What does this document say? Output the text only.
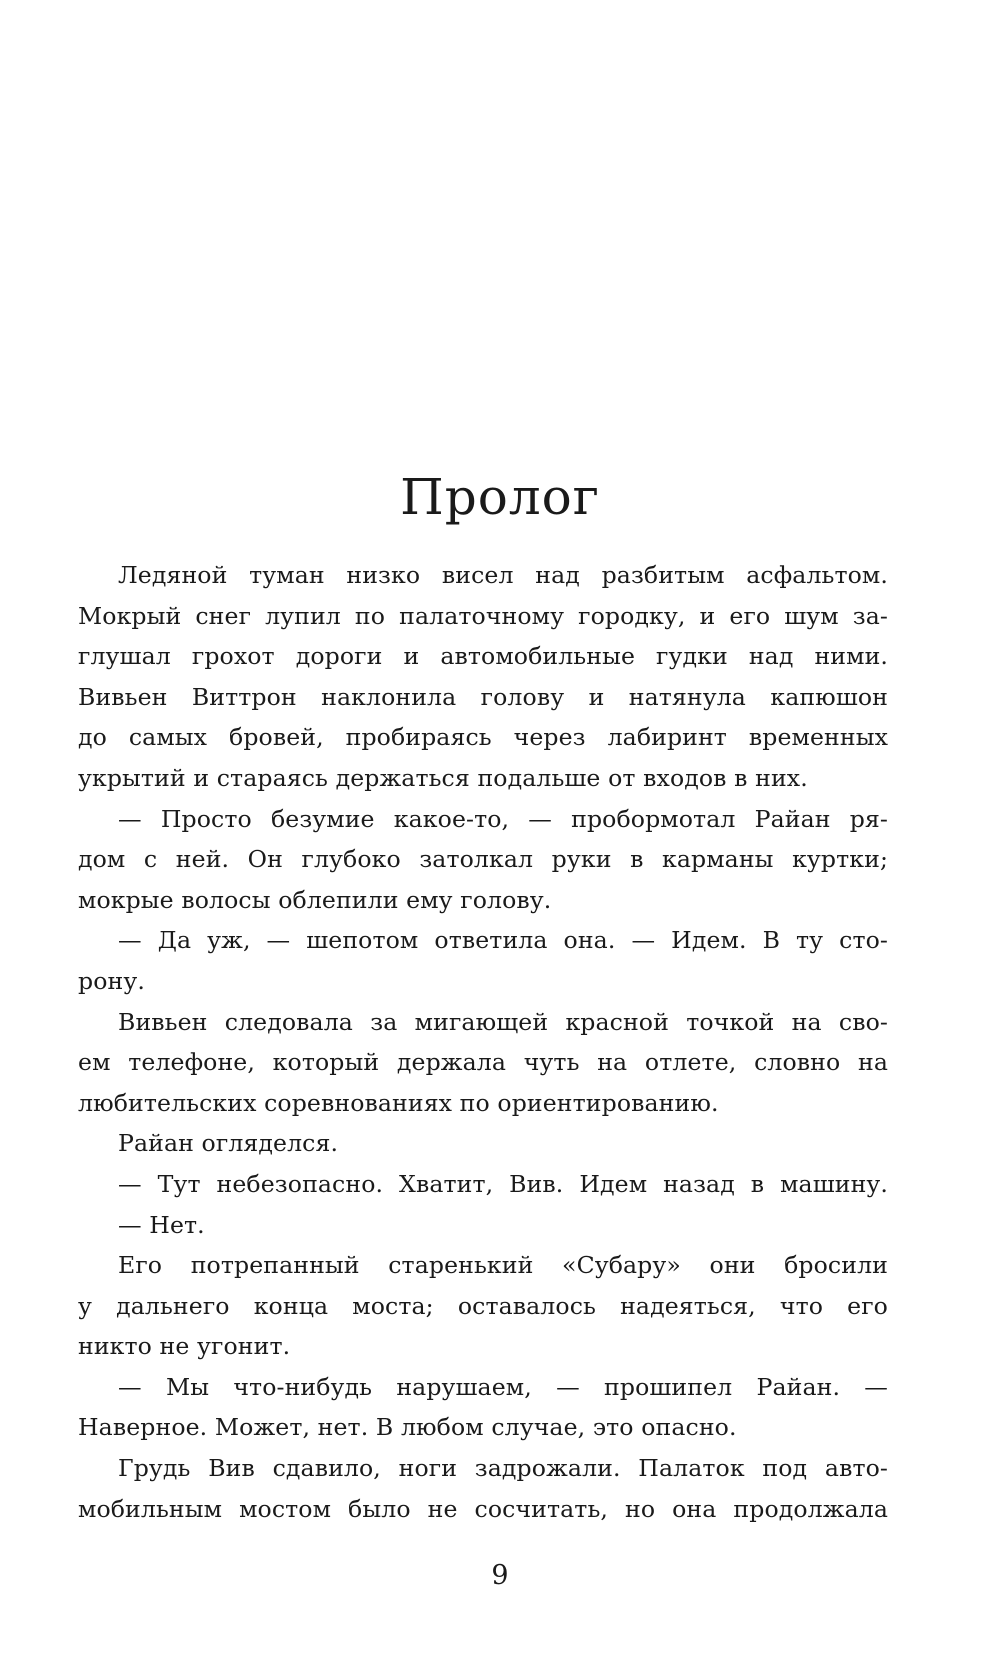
Пролог
Ледяной туман низко висел над разбитым асфальтом.
Мокрый снег лупил по палаточному городку, и его шум за-
глушал грохот дороги и автомобильные гудки над ними.
Вивьен Виттрон наклонила голову и натянула капюшон
до самых бровей, пробираясь через лабиринт временных
укрытий и стараясь держаться подальше от входов в них.
— Просто безумие какое-то, — пробормотал Райан ря-
дом с ней. Он глубоко затолкал руки в карманы куртки;
мокрые волосы облепили ему голову.
— Да уж, — шепотом ответила она. — Идем. В ту сто-
рону.
Вивьен следовала за мигающей красной точкой на сво-
ем телефоне, который держала чуть на отлете, словно на
любительских соревнованиях по ориентированию.
Райан огляделся.
— Тут небезопасно. Хватит, Вив. Идем назад в машину.
— Нет.
Его потрепанный старенький «Субару» они бросили
у дальнего конца моста; оставалось надеяться, что его
никто не угонит.
— Мы что-нибудь нарушаем, — прошипел Райан. —
Наверное. Может, нет. В любом случае, это опасно.
Грудь Вив сдавило, ноги задрожали. Палаток под авто-
мобильным мостом было не сосчитать, но она продолжала
9
